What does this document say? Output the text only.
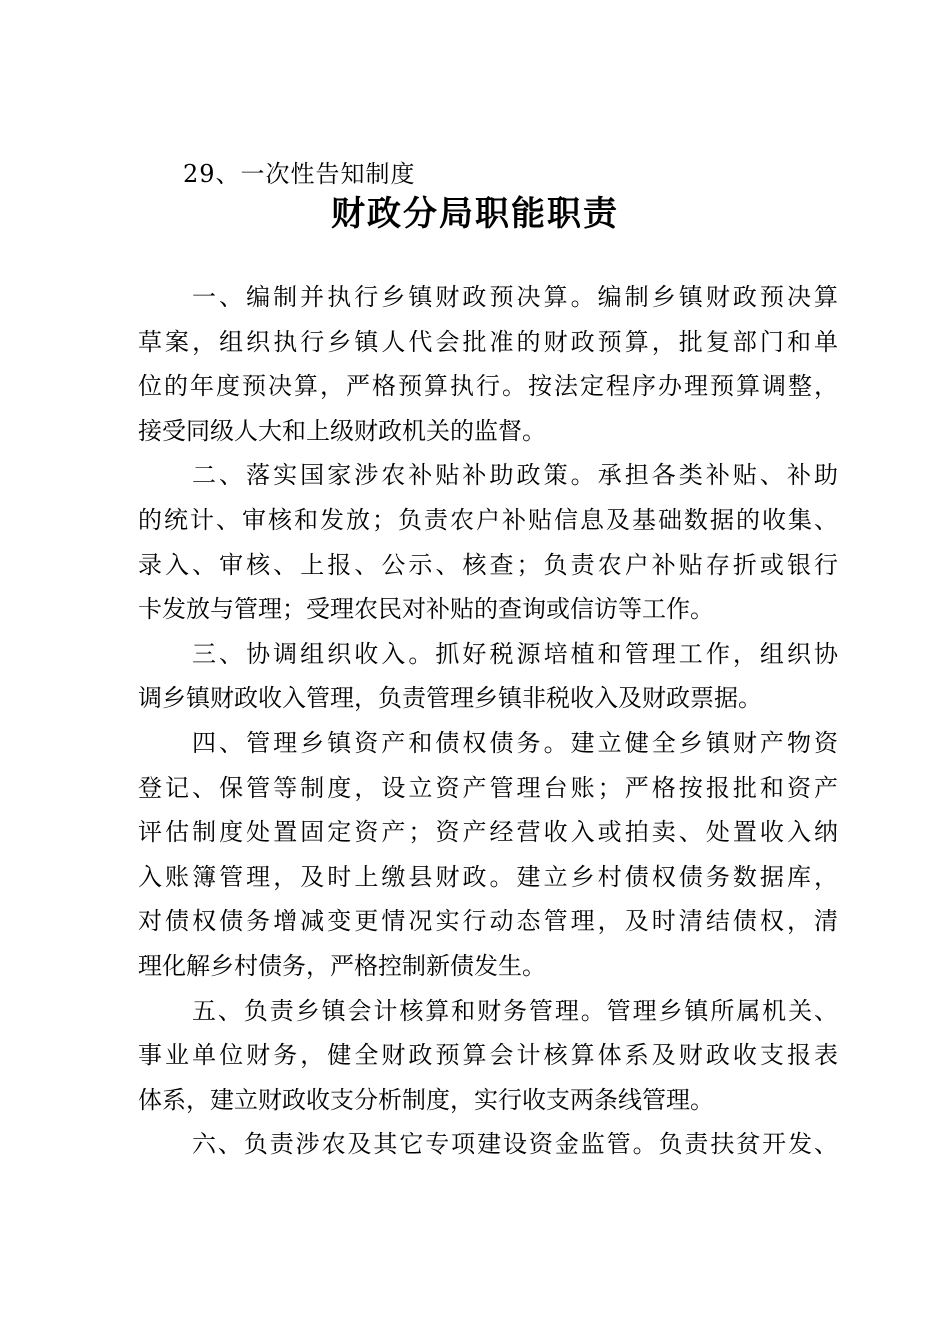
29、一次性告知制度
财政分局职能职责
一、编制并执行乡镇财政预决算。编制乡镇财政预决算
草案，组织执行乡镇人代会批准的财政预算，批复部门和单
位的年度预决算，严格预算执行。按法定程序办理预算调整，
接受同级人大和上级财政机关的监督。
二、落实国家涉农补贴补助政策。承担各类补贴、补助
的统计、审核和发放；负责农户补贴信息及基础数据的收集、
录入、审核、上报、公示、核查；负责农户补贴存折或银行
卡发放与管理；受理农民对补贴的查询或信访等工作。
三、协调组织收入。抓好税源培植和管理工作，组织协
调乡镇财政收入管理，负责管理乡镇非税收入及财政票据。
四、管理乡镇资产和债权债务。建立健全乡镇财产物资
登记、保管等制度，设立资产管理台账；严格按报批和资产
评估制度处置固定资产；资产经营收入或拍卖、处置收入纳
入账簿管理，及时上缴县财政。建立乡村债权债务数据库，
对债权债务增减变更情况实行动态管理，及时清结债权，清
理化解乡村债务，严格控制新债发生。
五、负责乡镇会计核算和财务管理。管理乡镇所属机关、
事业单位财务，健全财政预算会计核算体系及财政收支报表
体系，建立财政收支分析制度，实行收支两条线管理。
六、负责涉农及其它专项建设资金监管。负责扶贫开发、
